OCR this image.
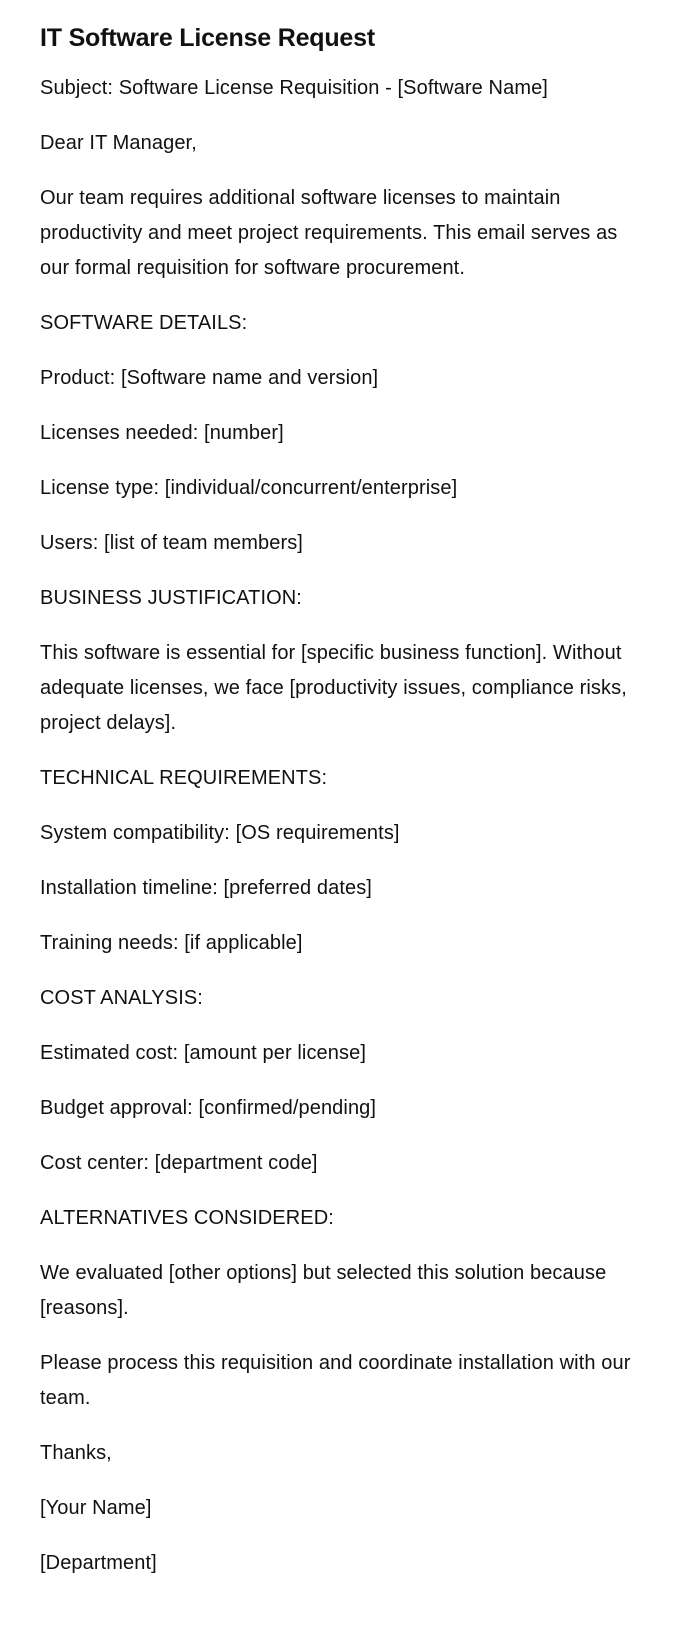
IT Software License Request

Subject: Software License Requisition - [Software Name]

Dear IT Manager,

Our team requires additional software licenses to maintain productivity and meet project requirements. This email serves as our formal requisition for software procurement.

SOFTWARE DETAILS:

Product: [Software name and version]

Licenses needed: [number]

License type: [individual/concurrent/enterprise]

Users: [list of team members]

BUSINESS JUSTIFICATION:

This software is essential for [specific business function]. Without adequate licenses, we face [productivity issues, compliance risks, project delays].

TECHNICAL REQUIREMENTS:

System compatibility: [OS requirements]

Installation timeline: [preferred dates]

Training needs: [if applicable]

COST ANALYSIS:

Estimated cost: [amount per license]

Budget approval: [confirmed/pending]

Cost center: [department code]

ALTERNATIVES CONSIDERED:

We evaluated [other options] but selected this solution because [reasons].

Please process this requisition and coordinate installation with our team.

Thanks,

[Your Name]

[Department]
